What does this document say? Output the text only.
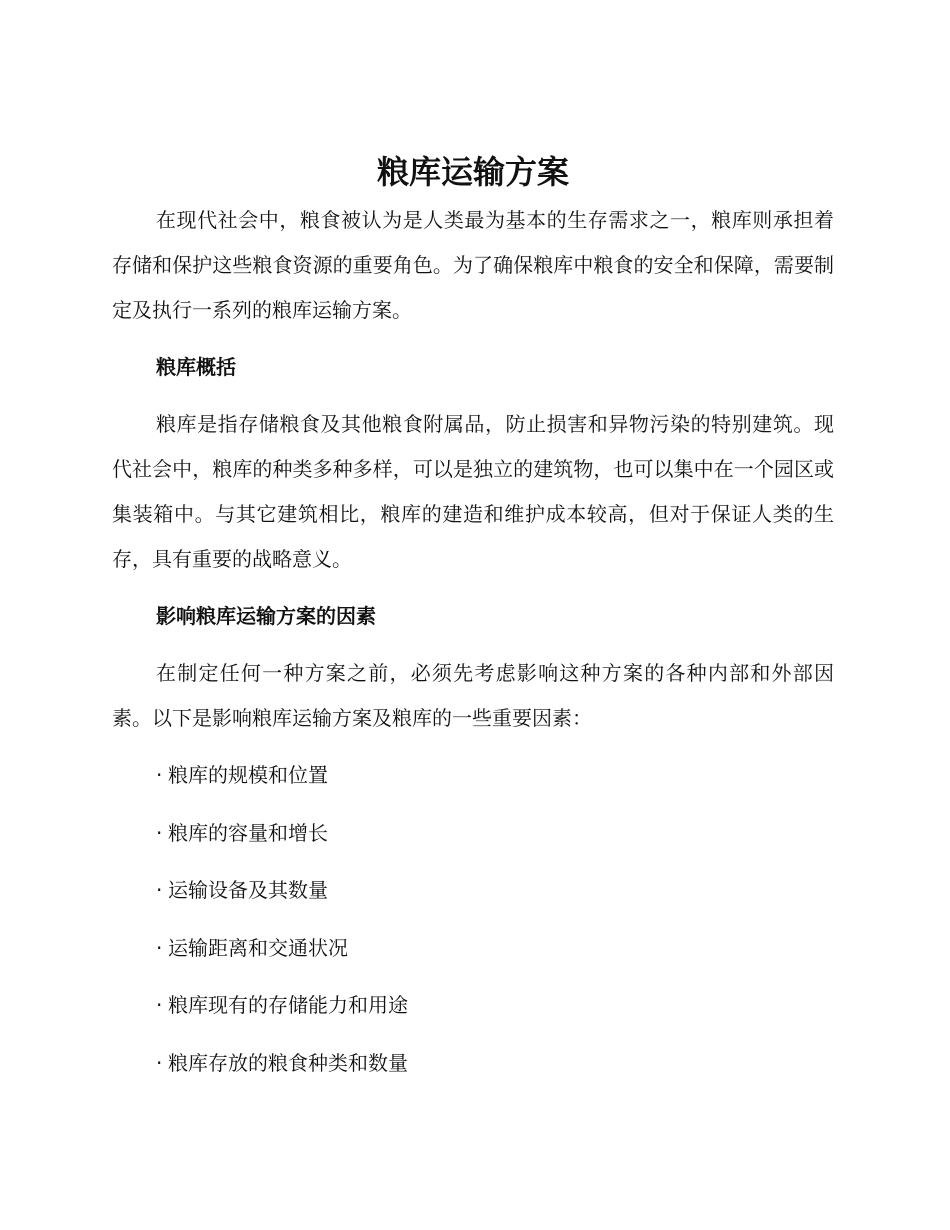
粮库运输方案

在现代社会中，粮食被认为是人类最为基本的生存需求之一，粮库则承担着存储和保护这些粮食资源的重要角色。为了确保粮库中粮食的安全和保障，需要制定及执行一系列的粮库运输方案。

粮库概括

粮库是指存储粮食及其他粮食附属品，防止损害和异物污染的特别建筑。现代社会中，粮库的种类多种多样，可以是独立的建筑物，也可以集中在一个园区或集装箱中。与其它建筑相比，粮库的建造和维护成本较高，但对于保证人类的生存，具有重要的战略意义。

影响粮库运输方案的因素

在制定任何一种方案之前，必须先考虑影响这种方案的各种内部和外部因素。以下是影响粮库运输方案及粮库的一些重要因素：

· 粮库的规模和位置
· 粮库的容量和增长
· 运输设备及其数量
· 运输距离和交通状况
· 粮库现有的存储能力和用途
· 粮库存放的粮食种类和数量
